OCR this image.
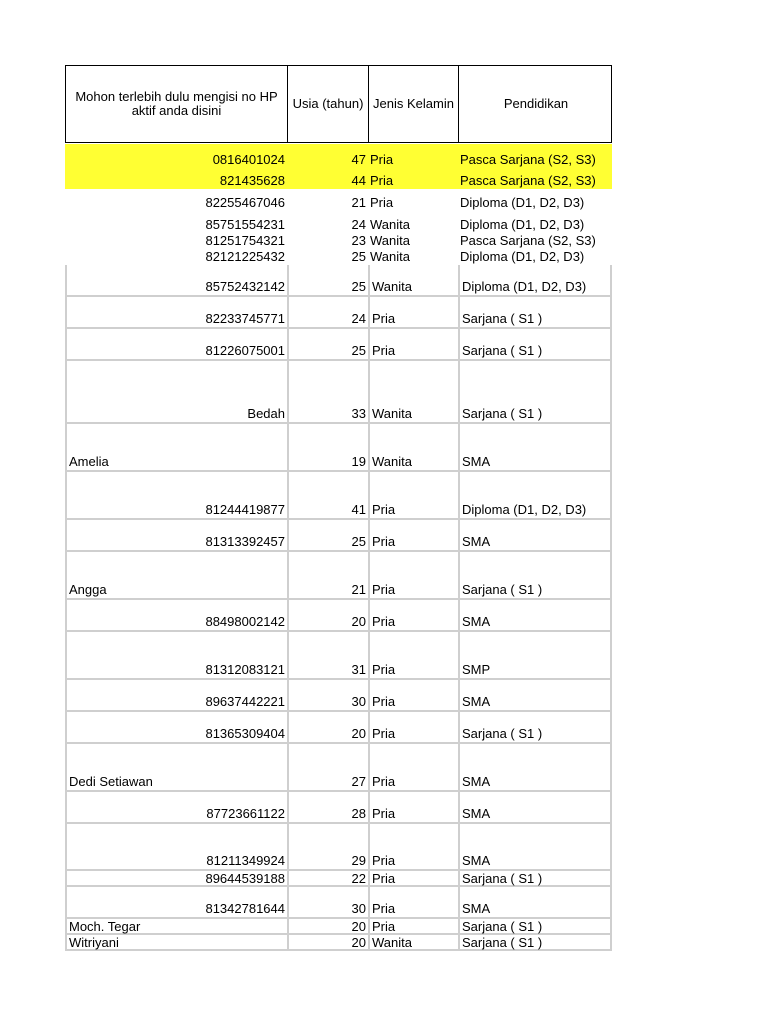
Mohon terlebih dulu mengisi no HP aktif anda disini	Usia (tahun) Jenis Kelamin	Pendidikan
0816401024	47 Pria	Pasca Sarjana (S2, S3)
821435628	44 Pria	Pasca Sarjana (S2, S3)
82255467046	21 Pria	Diploma (D1, D2, D3)
85751554231	24 Wanita	Diploma (D1, D2, D3)
81251754321	23 Wanita	Pasca Sarjana (S2, S3)
82121225432	25 Wanita	Diploma (D1, D2, D3)
85752432142	25 Wanita	Diploma (D1, D2, D3)
82233745771	24 Pria	Sarjana ( S1 )
81226075001	25 Pria	Sarjana ( S1 )
Bedah	33 Wanita	Sarjana ( S1 )
Amelia	19 Wanita	SMA
81244419877	41 Pria	Diploma (D1, D2, D3)
81313392457	25 Pria	SMA
Angga	21 Pria	Sarjana ( S1 )
88498002142	20 Pria	SMA
81312083121	31 Pria	SMP
89637442221	30 Pria	SMA
81365309404	20 Pria	Sarjana ( S1 )
Dedi Setiawan	27 Pria	SMA
87723661122	28 Pria	SMA
81211349924	29 Pria	SMA
89644539188	22 Pria	Sarjana ( S1 )
81342781644	30 Pria	SMA
Moch. Tegar	20 Pria	Sarjana ( S1 )
Witriyani	20 Wanita	Sarjana ( S1 )
